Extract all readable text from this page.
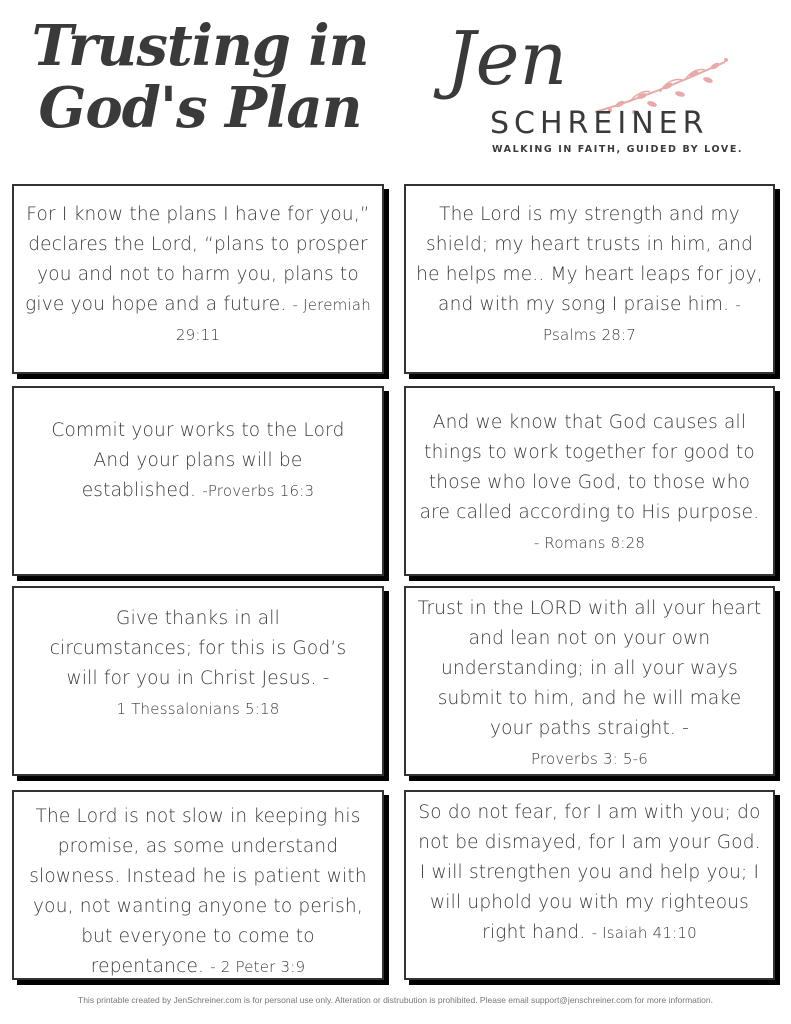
Trusting in
God's Plan
Jen
SCHREINER
WALKING IN FAITH, GUIDED BY LOVE.
For I know the plans I have for you,” declares the Lord, “plans to prosper you and not to harm you, plans to give you hope and a future. - Jeremiah 29:11
The Lord is my strength and my shield; my heart trusts in him, and he helps me.. My heart leaps for joy, and with my song I praise him. - Psalms 28:7
Commit your works to the Lord And your plans will be established. -Proverbs 16:3
And we know that God causes all things to work together for good to those who love God, to those who are called according to His purpose. - Romans 8:28
Give thanks in all circumstances; for this is God’s will for you in Christ Jesus. -
1 Thessalonians 5:18
Trust in the LORD with all your heart and lean not on your own understanding; in all your ways submit to him, and he will make your paths straight. -
Proverbs 3: 5-6
The Lord is not slow in keeping his promise, as some understand slowness. Instead he is patient with you, not wanting anyone to perish, but everyone to come to repentance. - 2 Peter 3:9
So do not fear, for I am with you; do not be dismayed, for I am your God. I will strengthen you and help you; I will uphold you with my righteous right hand. - Isaiah 41:10
This printable created by JenSchreiner.com is for personal use only. Alteration or distrubution is prohibited. Please email support@jenschreiner.com for more information.
